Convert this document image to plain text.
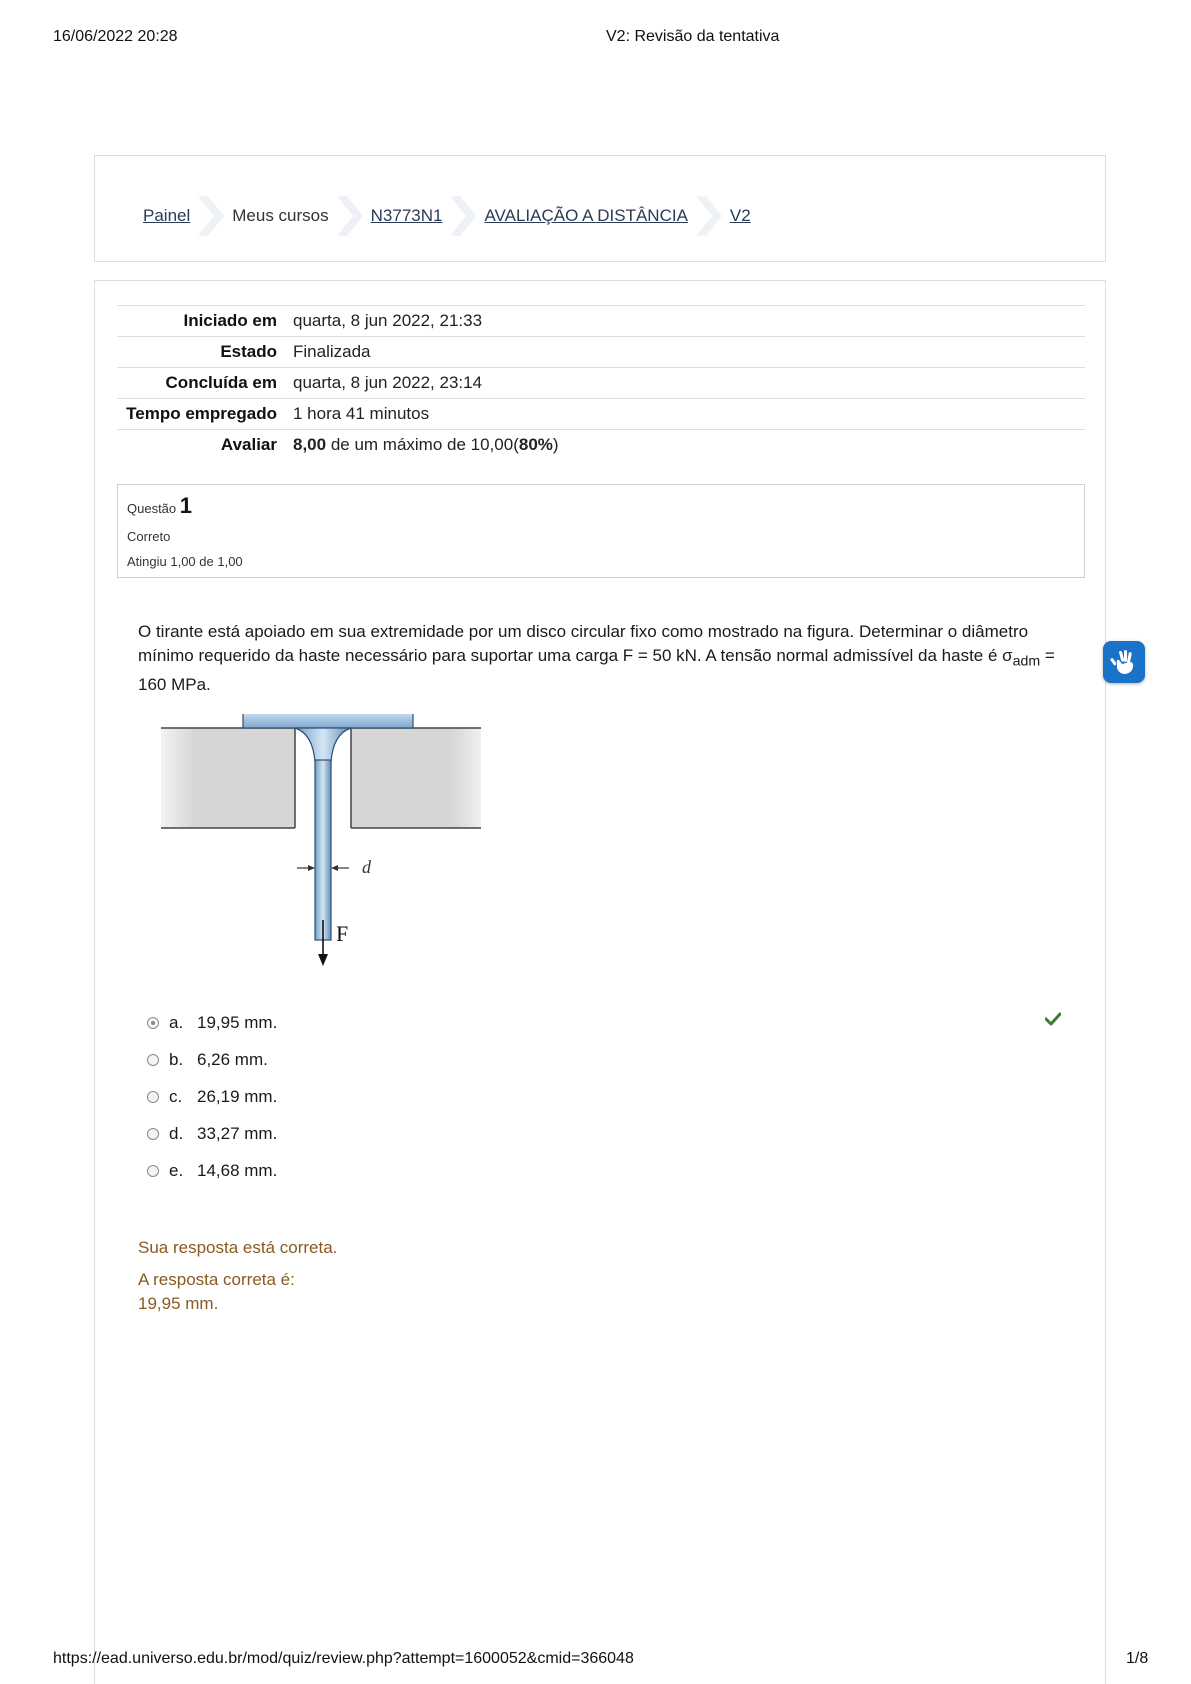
16/06/2022 20:28	V2: Revisão da tentativa
Painel Meus cursos N3773N1 AVALIAÇÃO A DISTÂNCIA V2
Iniciado em	quarta, 8 jun 2022, 21:33
Estado	Finalizada
Concluída em	quarta, 8 jun 2022, 23:14
Tempo empregado	1 hora 41 minutos
Avaliar	8,00 de um máximo de 10,00(80%)
Questão 1
Correto
Atingiu 1,00 de 1,00
O tirante está apoiado em sua extremidade por um disco circular fixo como mostrado na figura. Determinar o diâmetro mínimo requerido da haste necessário para suportar uma carga F = 50 kN. A tensão normal admissível da haste é $\sigma_{adm} = 160$ MPa.
d
F
a. 19,95 mm.
b. 6,26 mm.
c. 26,19 mm.
d. 33,27 mm.
e. 14,68 mm.
Sua resposta está correta.
A resposta correta é:
19,95 mm.
https://ead.universo.edu.br/mod/quiz/review.php?attempt=1600052&cmid=366048	1/8
